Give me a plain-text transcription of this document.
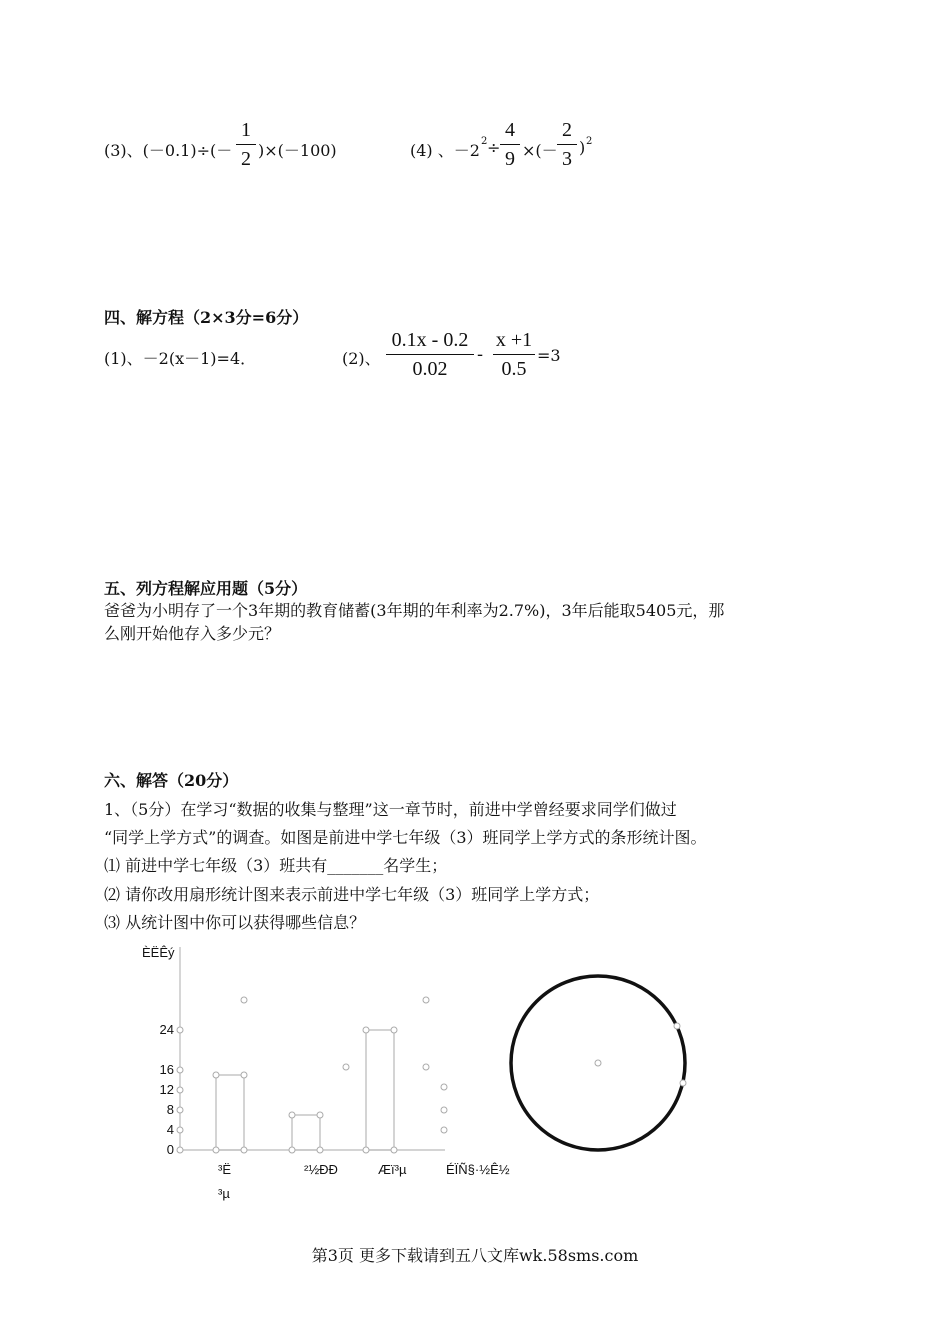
(3)、(－0.1)÷(－
1
2 )×(－100)	(4) 、－2 2 ÷
4
9 ×(－
2
3
) 2
四、解方程（2×3分=6分）
(1)、－2(x－1)=4．	(2)、
0.1x - 0.2
0.02
-
x +1
0.5
=3
五、列方程解应用题（5分）
爸爸为小明存了一个3年期的教育储蓄(3年期的年利率为2.7%)，3年后能取5405元，那
么刚开始他存入多少元？
六、解答（20分）
1、（5分）在学习“数据的收集与整理”这一章节时，前进中学曾经要求同学们做过
“同学上学方式”的调查。如图是前进中学七年级（3）班同学上学方式的条形统计图。
⑴ 前进中学七年级（3）班共有_______名学生；
⑵ 请你改用扇形统计图来表示前进中学七年级（3）班同学上学方式；
⑶ 从统计图中你可以获得哪些信息？
ÈËÊý
0
4
8
12
16
24
³Ë
³µ
²½ÐÐ	Æï³µ	ÉÏÑ§·½Ê½
第3页 更多下载请到五八文库wk.58sms.com
